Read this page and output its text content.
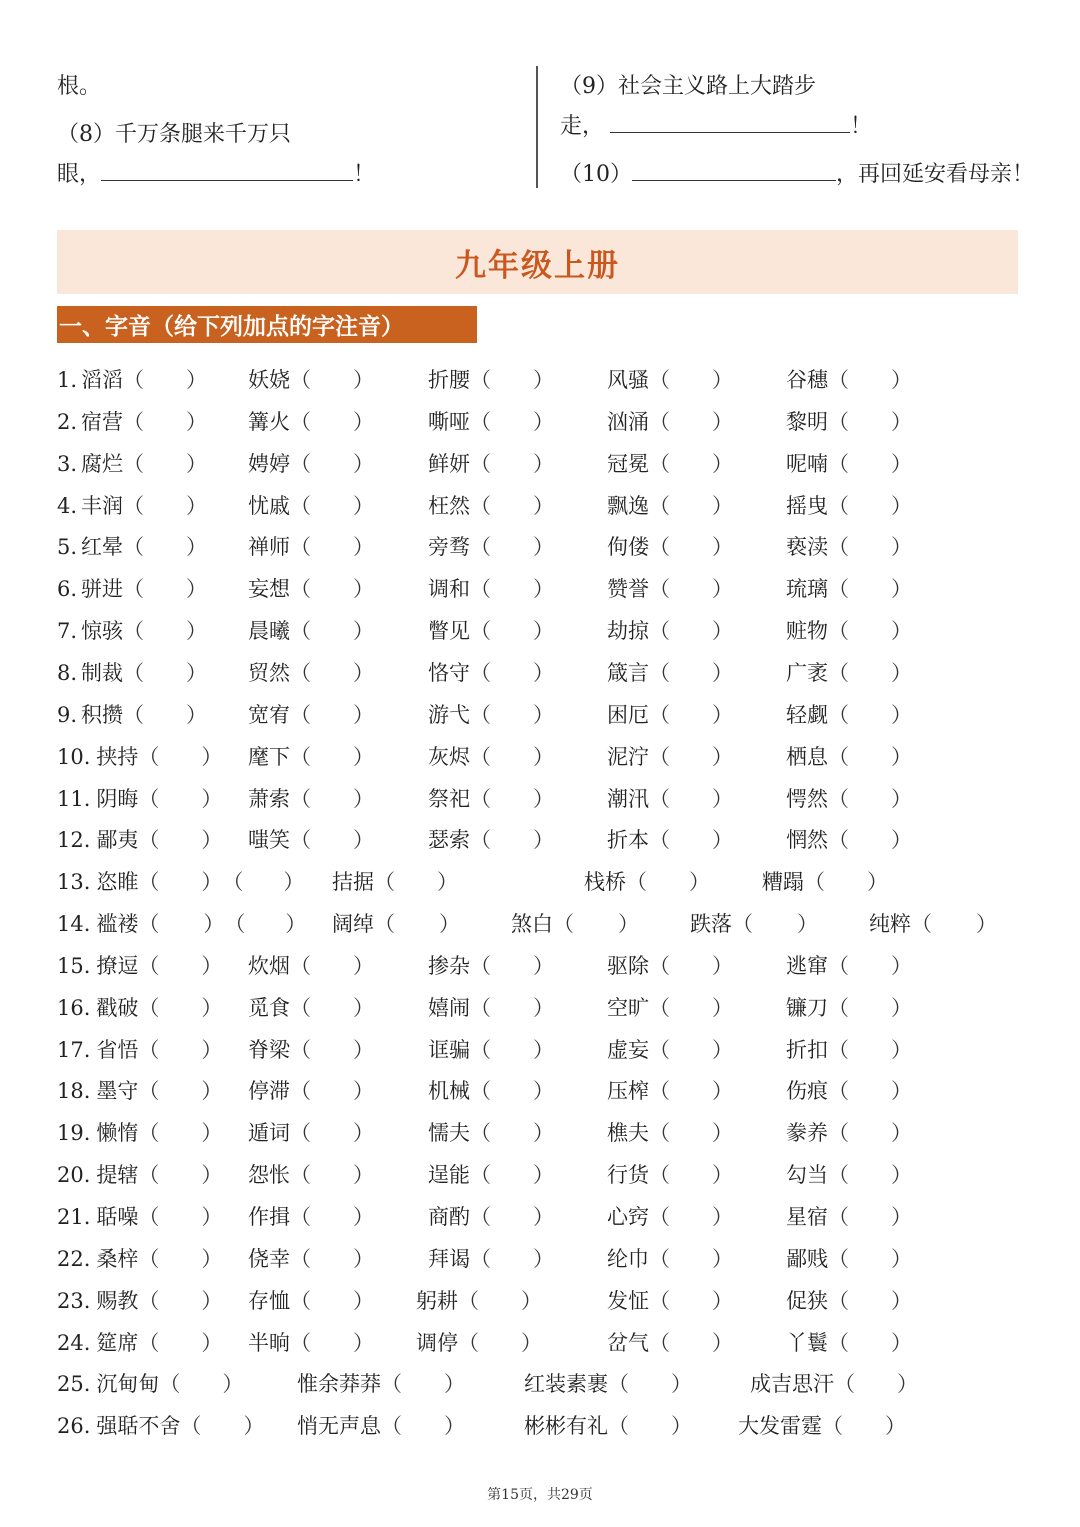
根。
（8）千万条腿来千万只
眼，	！
（9）社会主义路上大踏步
走，	！
（10）	，再回延安看母亲！
九年级上册
一、字音（给下列加点的字注音）
1. 滔滔（ ） 妖娆（ ）	折腰（ ）	风骚（ ）	谷穗（ ）
2. 宿营（ ） 篝火（ ）	嘶哑（ ）	汹涌（ ）	黎明（ ）
3. 腐烂（ ） 娉婷（ ）	鲜妍（ ）	冠冕（ ）	呢喃（ ）
4. 丰润（ ） 忧戚（ ）	枉然（ ）	飘逸（ ）	摇曳（ ）
5. 红晕（ ） 禅师（ ）	旁骛（ ）	佝偻（ ）	亵渎（ ）
6. 骈进（ ） 妄想（ ）	调和（ ）	赞誉（ ）	琉璃（ ）
7. 惊骇（ ） 晨曦（ ）	瞥见（ ）	劫掠（ ）	赃物（ ）
8. 制裁（ ） 贸然（ ）	恪守（ ）	箴言（ ）	广袤（ ）
9. 积攒（ ） 宽宥（ ）	游弋（ ）	困厄（ ）	轻觑（ ）
10. 挟持（ ） 麾下（ ）	灰烬（ ）	泥泞（ ）	栖息（ ）
11. 阴晦（ ） 萧索（ ）	祭祀（ ）	潮汛（ ）	愕然（ ）
12. 鄙夷（ ） 嗤笑（ ）	瑟索（ ）	折本（ ）	惘然（ ）
13. 恣睢（ ）（ ） 拮据（ ）	栈桥（ ） 糟蹋（ ）
14. 褴褛（ ）（ ） 阔绰（ ） 煞白（ ） 跌落（ ） 纯粹（ ）
15. 撩逗（ ） 炊烟（ ）	掺杂（ ）	驱除（ ）	逃窜（ ）
16. 戳破（ ） 觅食（ ）	嬉闹（ ）	空旷（ ）	镰刀（ ）
17. 省悟（ ） 脊梁（ ）	诓骗（ ）	虚妄（ ）	折扣（ ）
18. 墨守（ ） 停滞（ ）	机械（ ）	压榨（ ）	伤痕（ ）
19. 懒惰（ ） 遁词（ ）	懦夫（ ）	樵夫（ ）	豢养（ ）
20. 提辖（ ） 怨怅（ ）	逞能（ ）	行货（ ）	勾当（ ）
21. 聒噪（ ） 作揖（ ）	商酌（ ）	心窍（ ）	星宿（ ）
22. 桑梓（ ） 侥幸（ ）	拜谒（ ）	纶巾（ ）	鄙贱（ ）
23. 赐教（ ） 存恤（ ） 躬耕（ ）	发怔（ ）	促狭（ ）
24. 筵席（ ） 半晌（ ） 调停（ ）	岔气（ ）	丫鬟（ ）
25. 沉甸甸（ ）	惟余莽莽（ ）	红装素裹（ ）	成吉思汗（ ）
26. 强聒不舍（ ） 悄无声息（ ）	彬彬有礼（ ） 大发雷霆（ ）
第15页，共29页
